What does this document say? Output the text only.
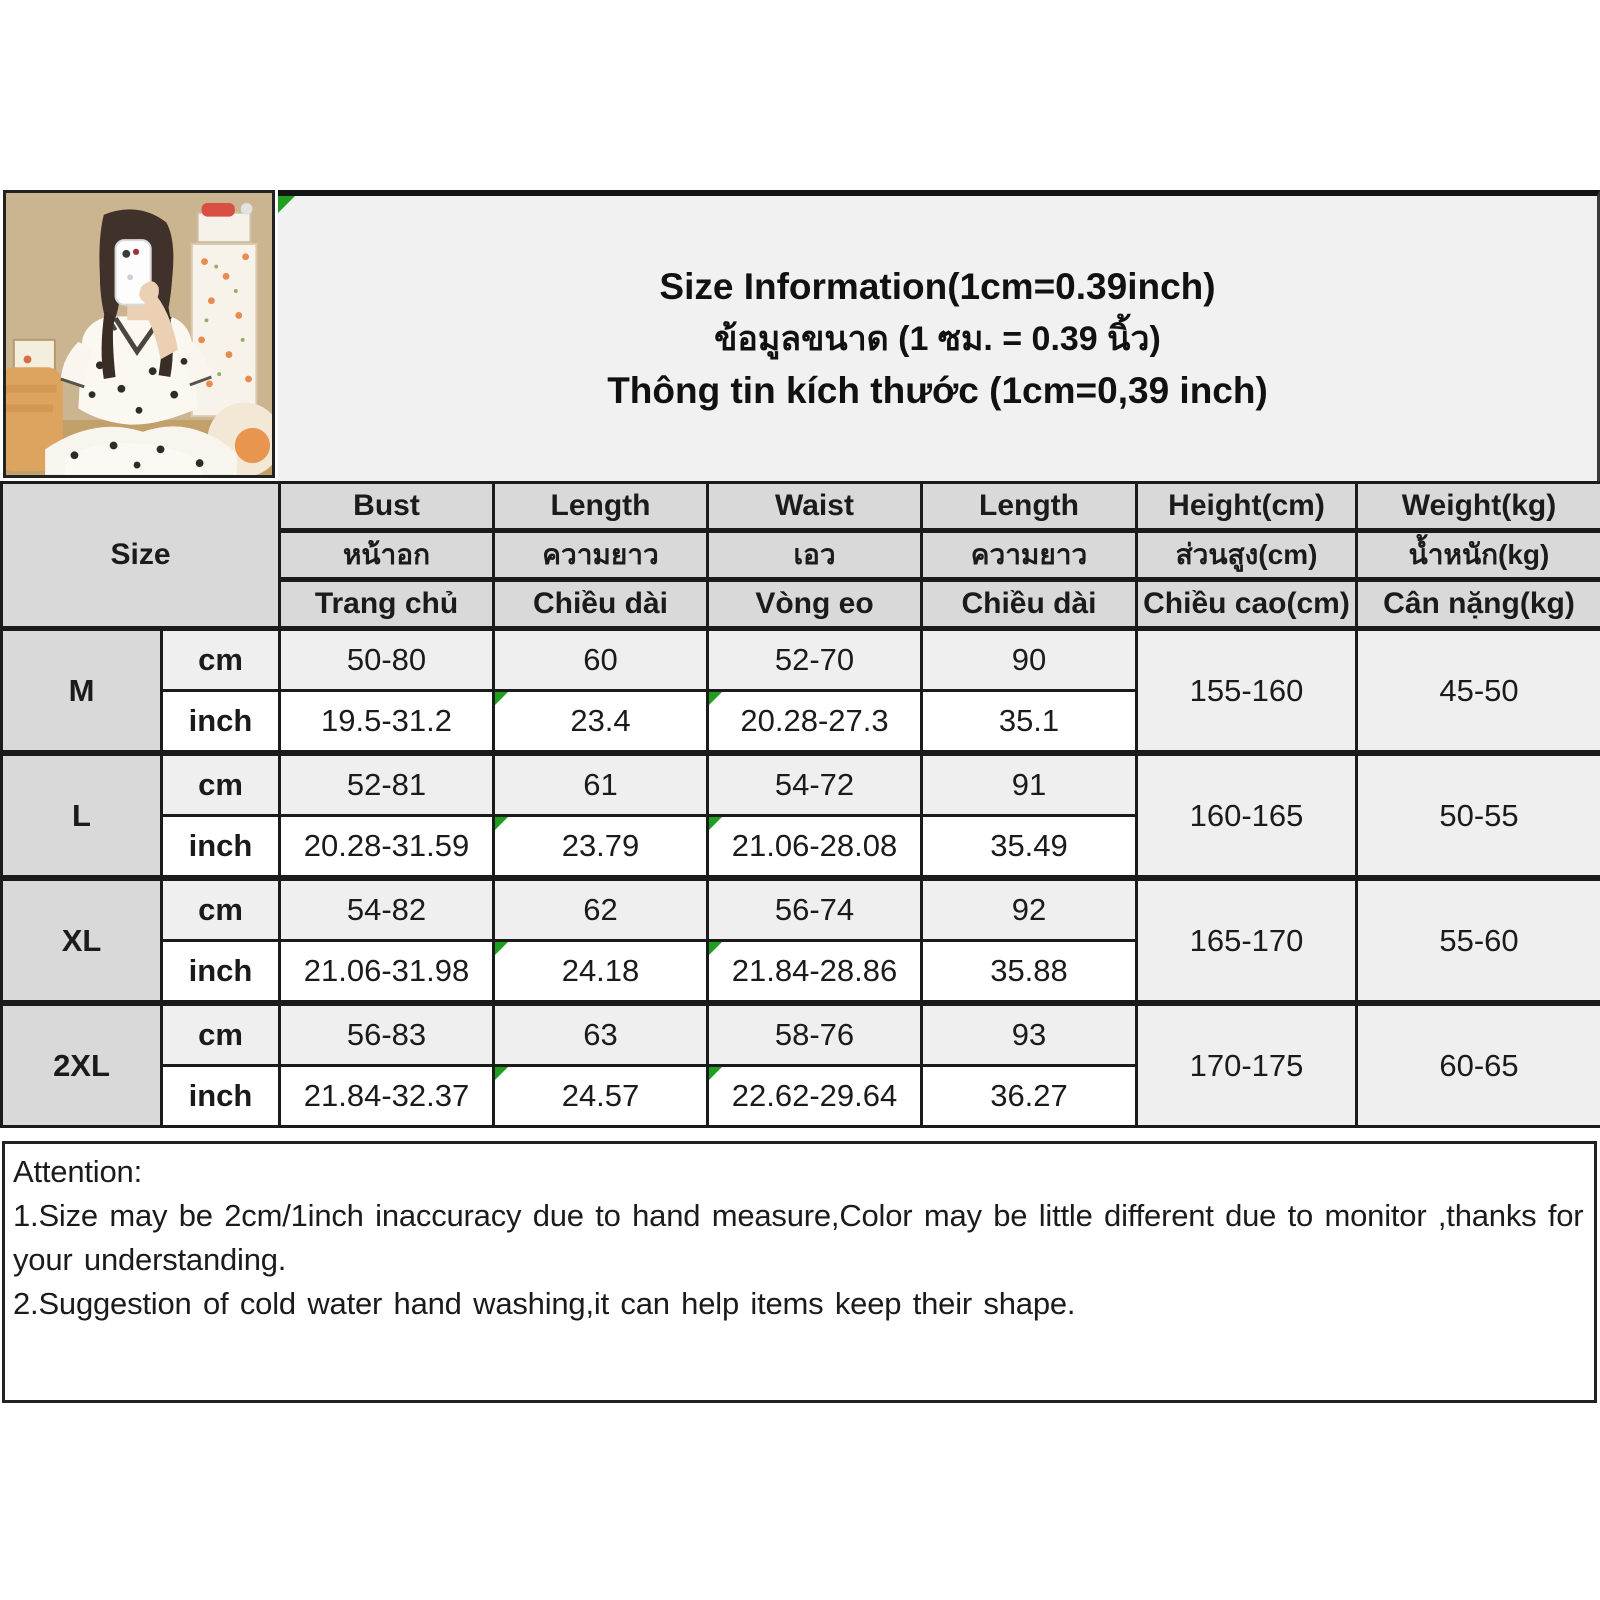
Size Information(1cm=0.39inch)
ข้อมูลขนาด (1 ซม. = 0.39 นิ้ว)
Thông tin kích thước (1cm=0,39 inch)
Size		Bust	Length	Waist	Length	Height(cm)	Weight(kg)
		หน้าอก	ความยาว	เอว	ความยาว	ส่วนสูง(cm)	น้ำหนัก(kg)
		Trang chủ	Chiều dài	Vòng eo	Chiều dài	Chiều cao(cm)	Cân nặng(kg)
M	cm	50-80	60	52-70	90	155-160	45-50
	inch	19.5-31.2	23.4	20.28-27.3	35.1		
L	cm	52-81	61	54-72	91	160-165	50-55
	inch	20.28-31.59	23.79	21.06-28.08	35.49		
XL	cm	54-82	62	56-74	92	165-170	55-60
	inch	21.06-31.98	24.18	21.84-28.86	35.88		
2XL	cm	56-83	63	58-76	93	170-175	60-65
	inch	21.84-32.37	24.57	22.62-29.64	36.27		

Attention:

1.Size may be 2cm/1inch inaccuracy due to hand measure,Color may be little different due to monitor ,thanks for your understanding.

2.Suggestion of cold water hand washing,it can help items keep their shape.
